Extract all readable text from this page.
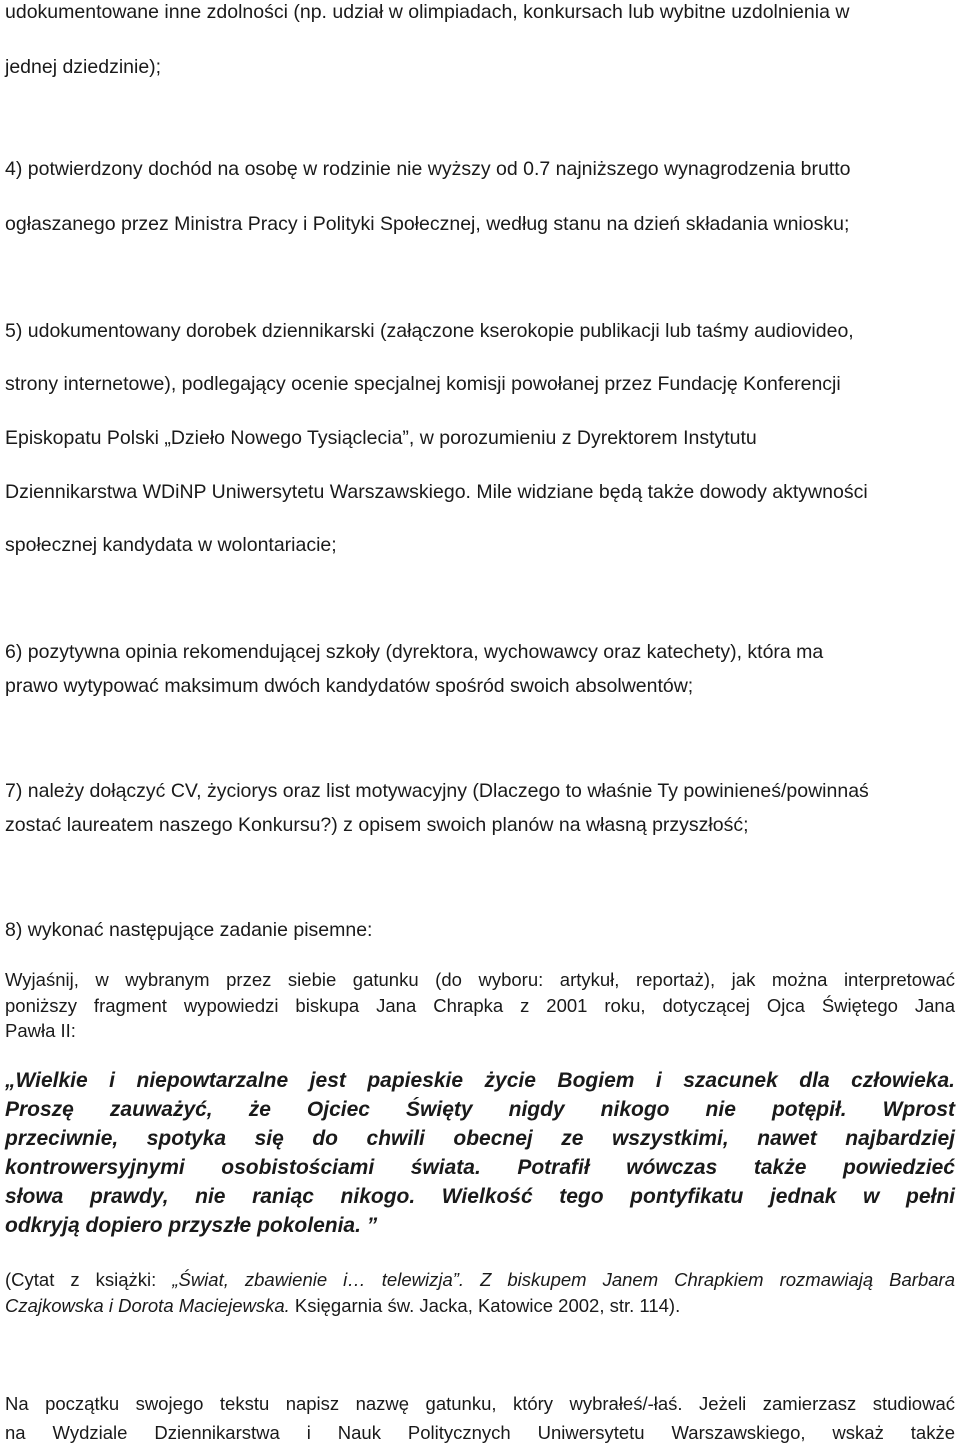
udokumentowane inne zdolności (np. udział w olimpiadach, konkursach lub wybitne uzdolnienia w
jednej dziedzinie);
4) potwierdzony dochód na osobę w rodzinie nie wyższy od 0.7 najniższego wynagrodzenia brutto
ogłaszanego przez Ministra Pracy i Polityki Społecznej, według stanu na dzień składania wniosku;
5) udokumentowany dorobek dziennikarski (załączone kserokopie publikacji lub taśmy audiovideo,
strony internetowe), podlegający ocenie specjalnej komisji powołanej przez Fundację Konferencji
Episkopatu Polski „Dzieło Nowego Tysiąclecia”, w porozumieniu z Dyrektorem Instytutu
Dziennikarstwa WDiNP Uniwersytetu Warszawskiego. Mile widziane będą także dowody aktywności
społecznej kandydata w wolontariacie;
6) pozytywna opinia rekomendującej szkoły (dyrektora, wychowawcy oraz katechety), która ma
prawo wytypować maksimum dwóch kandydatów spośród swoich absolwentów;
7) należy dołączyć CV, życiorys oraz list motywacyjny (Dlaczego to właśnie Ty powinieneś/powinnaś
zostać laureatem naszego Konkursu?) z opisem swoich planów na własną przyszłość;
8) wykonać następujące zadanie pisemne:
Wyjaśnij, w wybranym przez siebie gatunku (do wyboru: artykuł, reportaż), jak można interpretować
poniższy fragment wypowiedzi biskupa Jana Chrapka z 2001 roku, dotyczącej Ojca Świętego Jana
Pawła II:
„Wielkie i niepowtarzalne jest papieskie życie Bogiem i szacunek dla człowieka.
Proszę zauważyć, że Ojciec Święty nigdy nikogo nie potępił. Wprost
przeciwnie, spotyka się do chwili obecnej ze wszystkimi, nawet najbardziej
kontrowersyjnymi osobistościami świata. Potrafił wówczas także powiedzieć
słowa prawdy, nie raniąc nikogo. Wielkość tego pontyfikatu jednak w pełni
odkryją dopiero przyszłe pokolenia. ”
(Cytat z książki: „Świat, zbawienie i… telewizja”. Z biskupem Janem Chrapkiem rozmawiają Barbara
Czajkowska i Dorota Maciejewska. Księgarnia św. Jacka, Katowice 2002, str. 114).
Na początku swojego tekstu napisz nazwę gatunku, który wybrałeś/-łaś. Jeżeli zamierzasz studiować
na Wydziale Dziennikarstwa i Nauk Politycznych Uniwersytetu Warszawskiego, wskaż także
